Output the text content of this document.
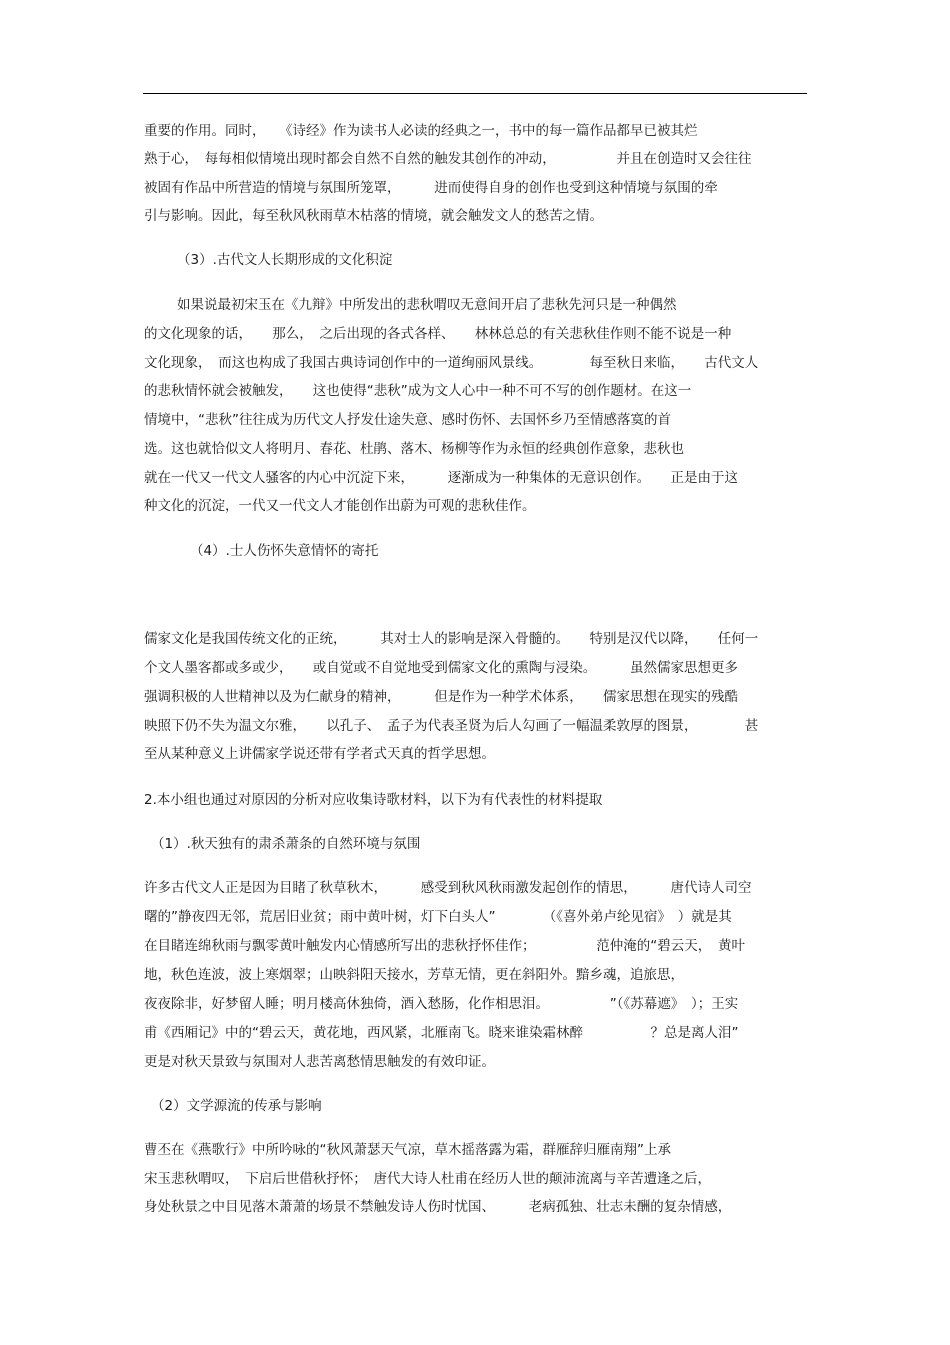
重要的作用。同时，　　《诗经》作为读书人必读的经典之一，书中的每一篇作品都早已被其烂
熟于心，　每每相似情境出现时都会自然不自然的触发其创作的冲动，　　　　　并且在创造时又会往往
被固有作品中所营造的情境与氛围所笼罩，　　　进而使得自身的创作也受到这种情境与氛围的牵
引与影响。因此，每至秋风秋雨草木枯落的情境，就会触发文人的愁苦之情。
（3）.古代文人长期形成的文化积淀
如果说最初宋玉在《九辩》中所发出的悲秋喟叹无意间开启了悲秋先河只是一种偶然
的文化现象的话，　　那么，　之后出现的各式各样、　　林林总总的有关悲秋佳作则不能不说是一种
文化现象，　而这也构成了我国古典诗词创作中的一道绚丽风景线。　　　　每至秋日来临，　　古代文人
的悲秋情怀就会被触发，　　这也使得“悲秋”成为文人心中一种不可不写的创作题材。在这一
情境中，“悲秋”往往成为历代文人抒发仕途失意、感时伤怀、去国怀乡乃至情感落寞的首
选。这也就恰似文人将明月、春花、杜鹃、落木、杨柳等作为永恒的经典创作意象，悲秋也
就在一代又一代文人骚客的内心中沉淀下来，　　　逐渐成为一种集体的无意识创作。　　正是由于这
种文化的沉淀，一代又一代文人才能创作出蔚为可观的悲秋佳作。
（4）.士人伤怀失意情怀的寄托
儒家文化是我国传统文化的正统，　　　其对士人的影响是深入骨髓的。　　特别是汉代以降，　　任何一
个文人墨客都或多或少，　　或自觉或不自觉地受到儒家文化的熏陶与浸染。　　　虽然儒家思想更多
强调积极的人世精神以及为仁献身的精神，　　　但是作为一种学术体系，　　儒家思想在现实的残酷
映照下仍不失为温文尔雅，　　以孔子、　孟子为代表圣贤为后人勾画了一幅温柔敦厚的图景，　　　　甚
至从某种意义上讲儒家学说还带有学者式天真的哲学思想。
2.本小组也通过对原因的分析对应收集诗歌材料，以下为有代表性的材料提取
（1）.秋天独有的肃杀萧条的自然环境与氛围
许多古代文人正是因为目睹了秋草秋木，　　　感受到秋风秋雨激发起创作的情思，　　　唐代诗人司空
曙的”静夜四无邻，荒居旧业贫；雨中黄叶树，灯下白头人”　　　　（《喜外弟卢纶见宿》　）就是其
在目睹连绵秋雨与飘零黄叶触发内心情感所写出的悲秋抒怀佳作；　　　　　范仲淹的“碧云天，　黄叶
地，秋色连波，波上寒烟翠；山映斜阳天接水，芳草无情，更在斜阳外。黯乡魂，追旅思，
夜夜除非，好梦留人睡；明月楼高休独倚，酒入愁肠，化作相思泪。　　　　　”（《苏幕遮》　）；王实
甫《西厢记》中的“碧云天，黄花地，西风紧，北雁南飞。晓来谁染霜林醉　　　　　？总是离人泪”
更是对秋天景致与氛围对人悲苦离愁情思触发的有效印证。
（2）文学源流的传承与影响
曹丕在《燕歌行》中所吟咏的“秋风萧瑟天气凉，草木摇落露为霜，群雁辞归雁南翔”上承
宋玉悲秋喟叹，　下启后世借秋抒怀；　唐代大诗人杜甫在经历人世的颠沛流离与辛苦遭逢之后，
身处秋景之中目见落木萧萧的场景不禁触发诗人伤时忧国、　　　老病孤独、壮志未酬的复杂情感，
